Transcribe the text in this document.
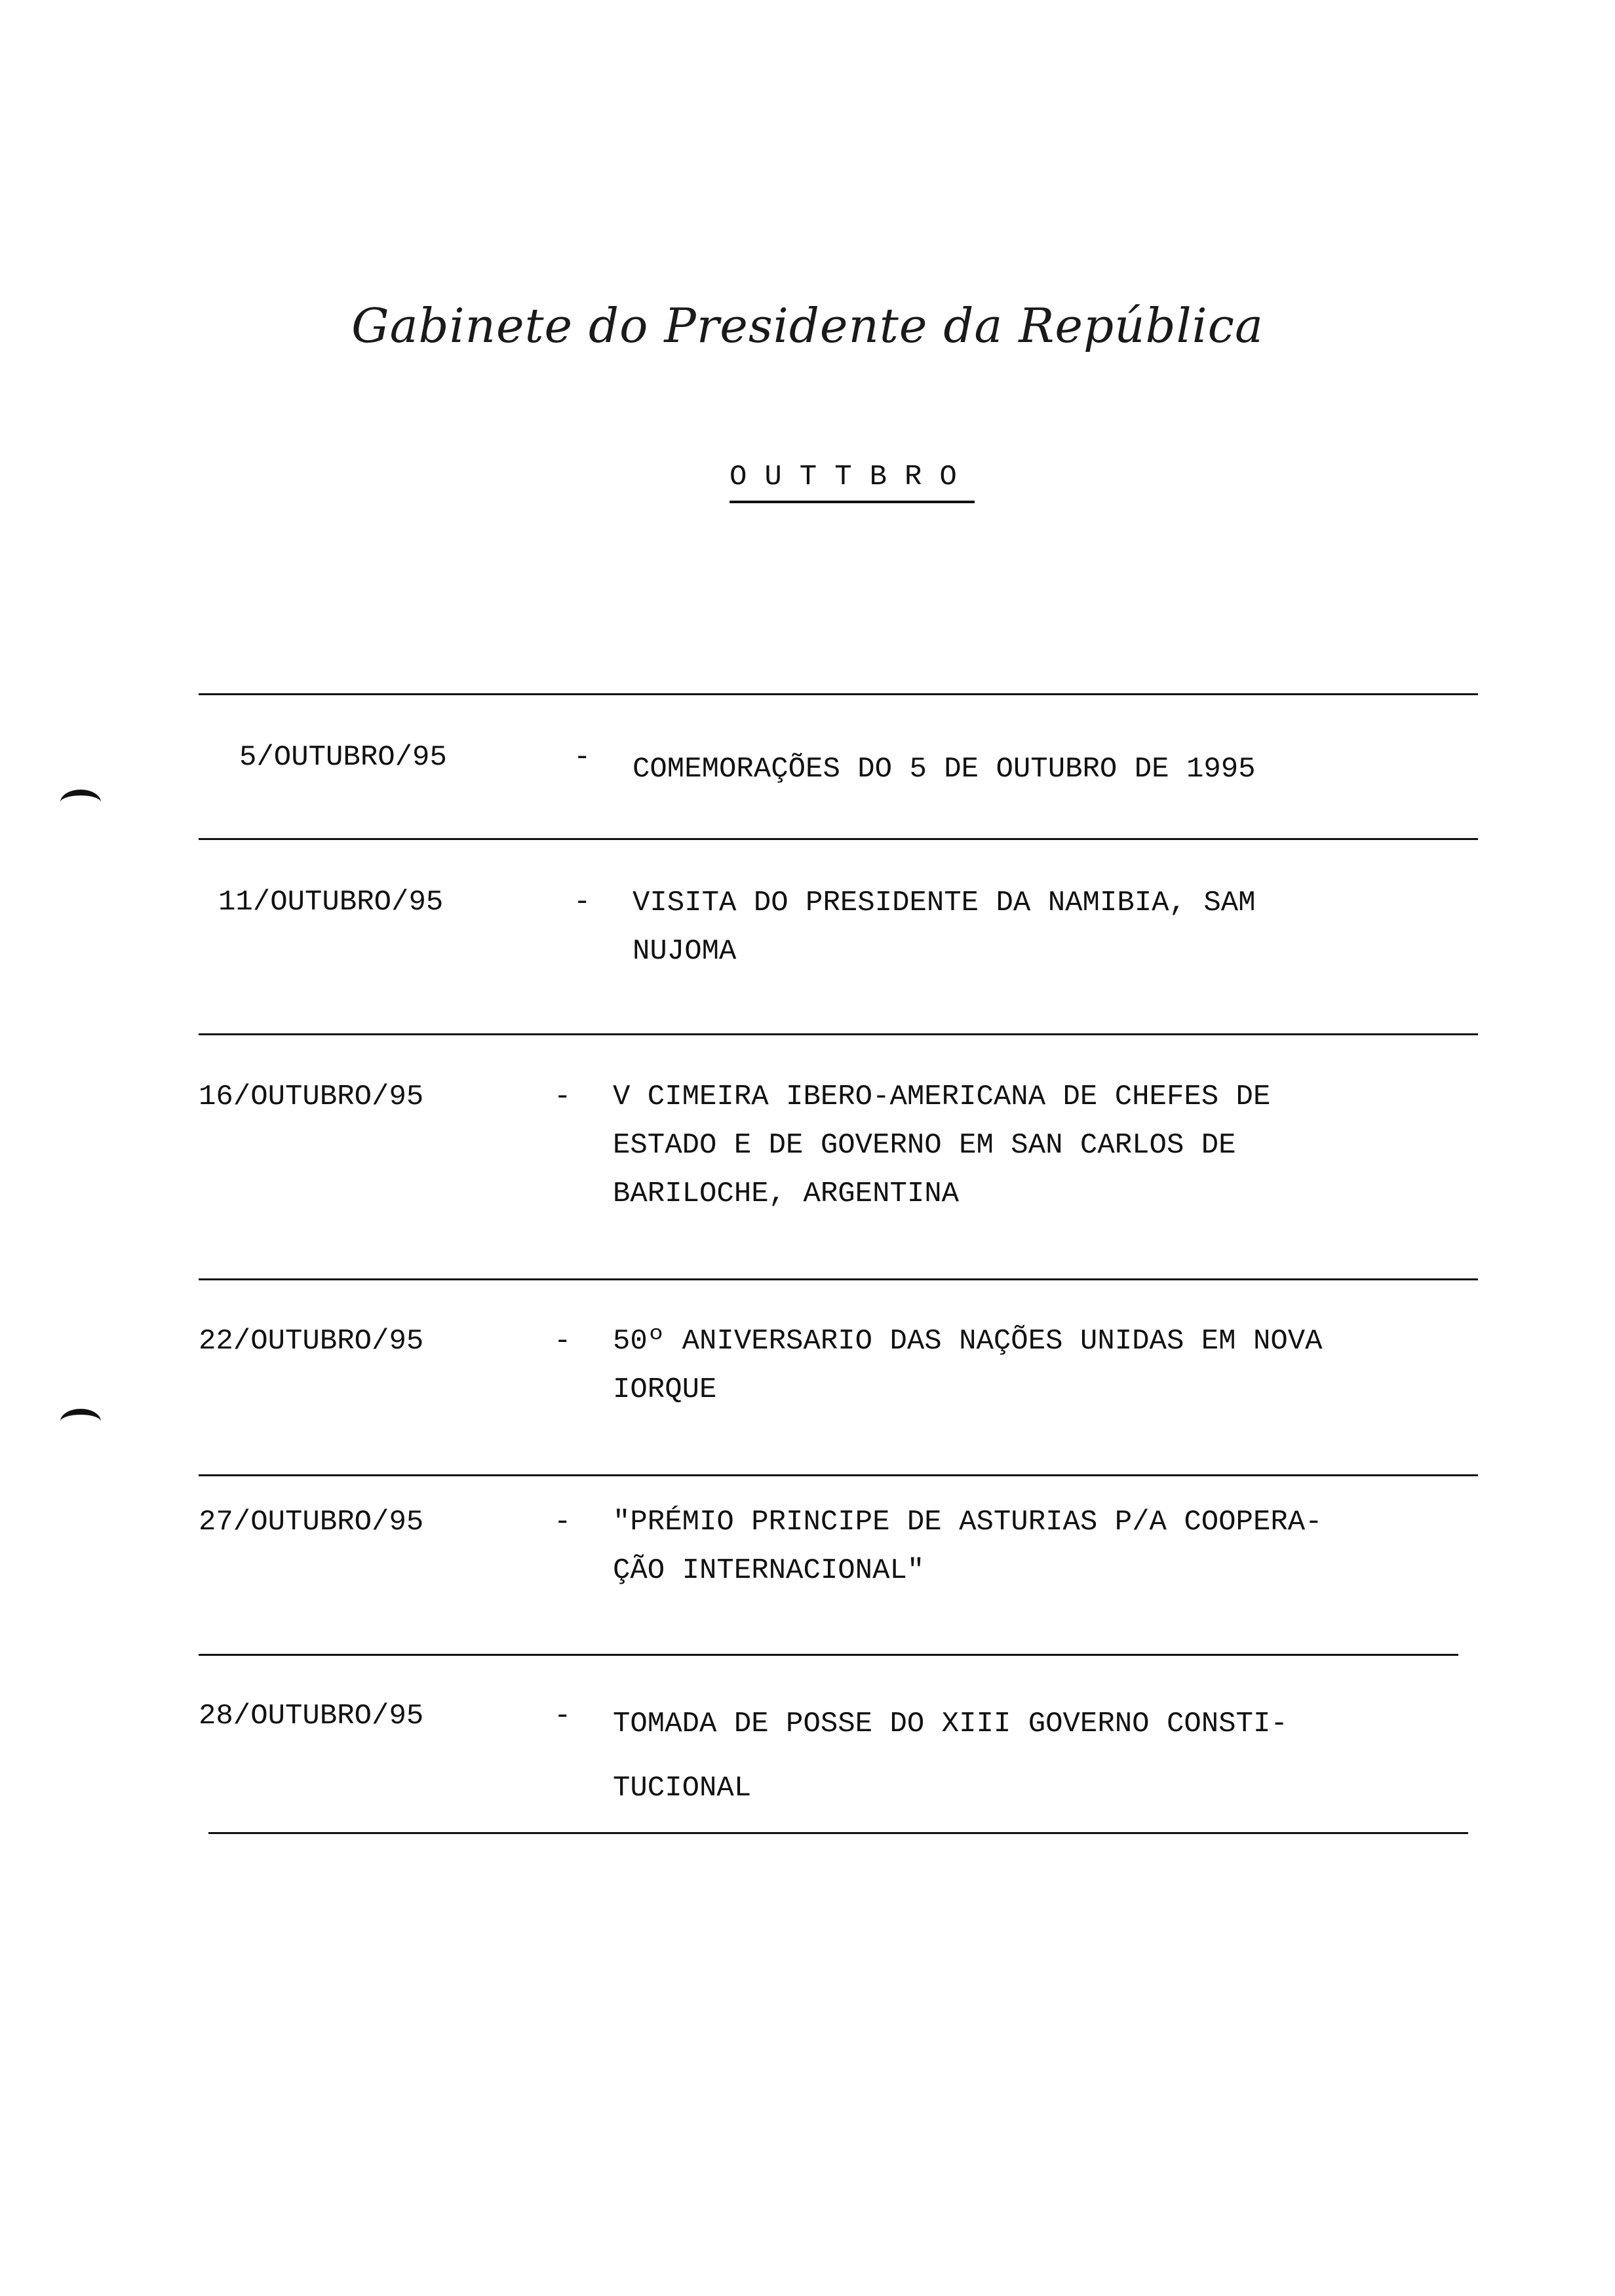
Gabinete do Presidente da República
OUTTBRO
5/OUTUBRO/95	- COMEMORAÇÕES DO 5 DE OUTUBRO DE 1995
11/OUTUBRO/95	- VISITA DO PRESIDENTE DA NAMIBIA, SAM
NUJOMA
16/OUTUBRO/95	- V CIMEIRA IBERO-AMERICANA DE CHEFES DE
ESTADO E DE GOVERNO EM SAN CARLOS DE
BARILOCHE, ARGENTINA
22/OUTUBRO/95	- 50º ANIVERSARIO DAS NAÇÕES UNIDAS EM NOVA
IORQUE
27/OUTUBRO/95	- "PRÉMIO PRINCIPE DE ASTURIAS P/A COOPERA-
ÇÃO INTERNACIONAL"
28/OUTUBRO/95	- TOMADA DE POSSE DO XIII GOVERNO CONSTI-
TUCIONAL
